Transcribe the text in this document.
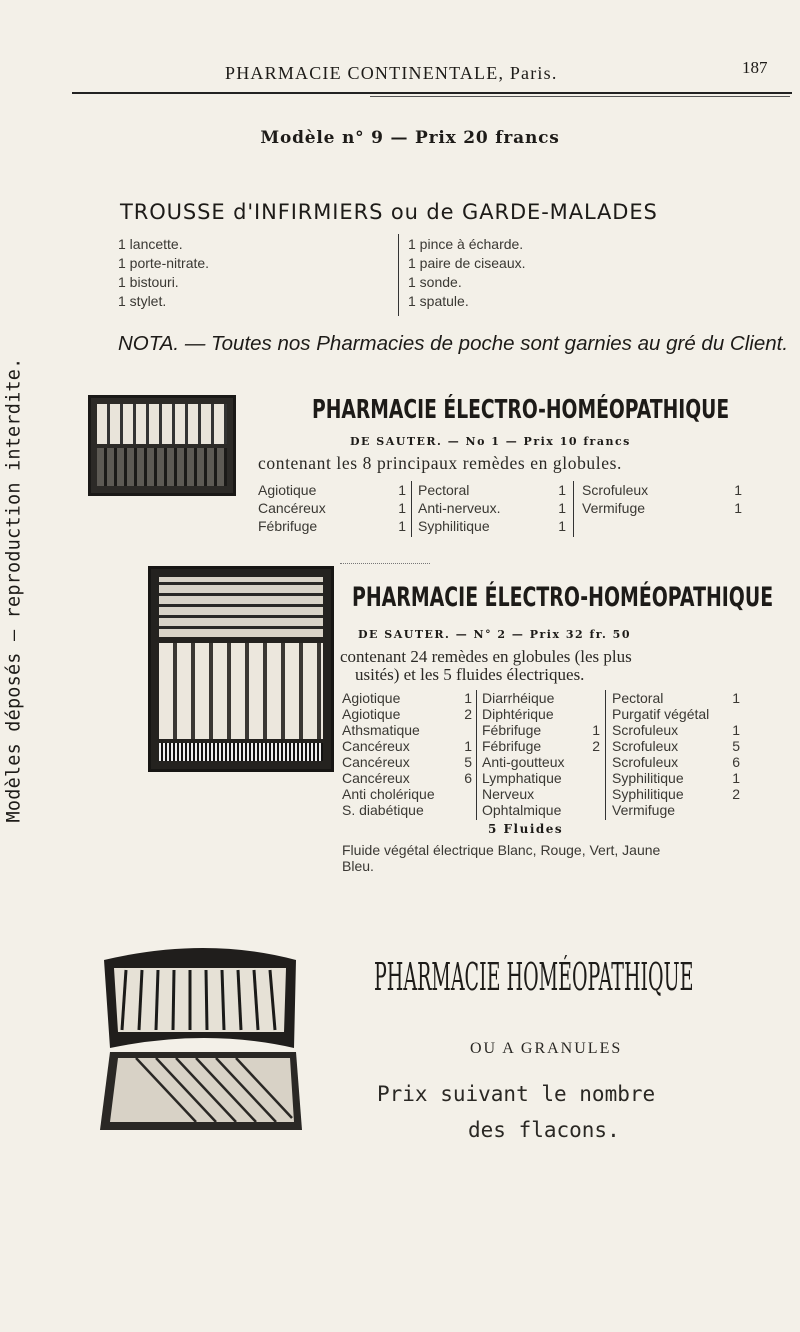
Modèles déposés — reproduction interdite.
PHARMACIE CONTINENTALE, Paris.	187
Modèle n° 9 — Prix 20 francs
TROUSSE d'INFIRMIERS ou de GARDE-MALADES
1 lancette.
1 porte-nitrate.
1 bistouri.
1 stylet.
1 pince à écharde.
1 paire de ciseaux.
1 sonde.
1 spatule.
NOTA. — Toutes nos Pharmacies de poche sont garnies au gré du Client.
PHARMACIE ÉLECTRO-HOMÉOPATHIQUE
DE SAUTER. — No 1 — Prix 10 francs
contenant les 8 principaux remèdes en globules.
Agiotique
Cancéreux
Fébrifuge
1
1
1
Pectoral
Anti-nerveux.
Syphilitique
1
1
1
Scrofuleux
Vermifuge
1
1
PHARMACIE ÉLECTRO-HOMÉOPATHIQUE
DE SAUTER. — N° 2 — Prix 32 fr. 50
contenant 24 remèdes en globules (les plus
usités) et les 5 fluides électriques.
Agiotique
Agiotique
Athsmatique
Cancéreux
Cancéreux
Cancéreux
Anti cholérique
S. diabétique
1
2
1
5
6
Diarrhéique
Diphtérique
Fébrifuge
Fébrifuge
Anti-goutteux
Lymphatique
Nerveux
Ophtalmique
1
2
Pectoral
Purgatif végétal
Scrofuleux
Scrofuleux
Scrofuleux
Syphilitique
Syphilitique
Vermifuge
1
1
5
6
1
2
5 Fluides
Fluide végétal électrique Blanc, Rouge, Vert, Jaune
Bleu.
PHARMACIE HOMÉOPATHIQUE
OU A GRANULES
Prix suivant le nombre
des flacons.
